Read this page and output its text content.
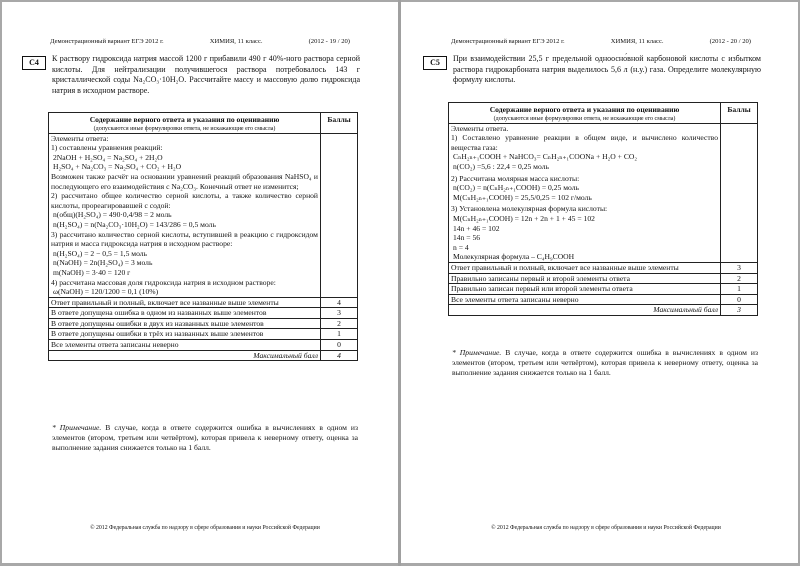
Демонстрационный вариант ЕГЭ 2012 г.	ХИМИЯ, 11 класс.	(2012 - 19 / 20)
C4	К раствору гидроксида натрия массой 1200 г прибавили 490 г 40%-ного раствора серной кислоты. Для нейтрализации получившегося раствора потребовалось 143 г кристаллической соды Na₂CO₃·10H₂O. Рассчитайте массу и массовую долю гидроксида натрия в исходном растворе.
Содержание верного ответа и указания по оцениванию
(допускаются иные формулировки ответа, не искажающие его смысла)	Баллы

Элементы ответа:
1) составлены уравнения реакций:
2NaOH + H₂SO₄ = Na₂SO₄ + 2H₂O
H₂SO₄ + Na₂CO₃ = Na₂SO₄ + CO₂ + H₂O
Возможен также расчёт на основании уравнений реакций образования NaHSO₄ и последующего его взаимодействия с Na₂CO₃. Конечный ответ не изменится;
2) рассчитано общее количество серной кислоты, а также количество серной кислоты, прореагировавшей с содой:
n(общ)(H₂SO₄) = 490·0,4/98 = 2 моль
n(H₂SO₄) = n(Na₂CO₃·10H₂O) = 143/286 = 0,5 моль
3) рассчитано количество серной кислоты, вступившей в реакцию с гидроксидом натрия и масса гидроксида натрия в исходном растворе:
n(H₂SO₄) = 2 − 0,5 = 1,5 моль
n(NaOH) = 2n(H₂SO₄) = 3 моль
m(NaOH) = 3·40 = 120 г
4) рассчитана массовая доля гидроксида натрия в исходном растворе:
ω(NaOH) = 120/1200 = 0,1 (10%)

Ответ правильный и полный, включает все названные выше элементы	4
В ответе допущена ошибка в одном из названных выше элементов	3
В ответе допущены ошибки в двух из названных выше элементов	2
В ответе допущены ошибки в трёх из названных выше элементов	1
Все элементы ответа записаны неверно	0
Максимальный балл	4
* Примечание. В случае, когда в ответе содержится ошибка в вычислениях в одном из элементов (втором, третьем или четвёртом), которая привела к неверному ответу, оценка за выполнение задания снижается только на 1 балл.
© 2012 Федеральная служба по надзору в сфере образования и науки Российской Федерации
Демонстрационный вариант ЕГЭ 2012 г.	ХИМИЯ, 11 класс.	(2012 - 20 / 20)
C5	При взаимодействии 25,5 г предельной одноосно́вной карбоновой кислоты с избытком раствора гидрокарбоната натрия выделилось 5,6 л (н.у.) газа. Определите молекулярную формулу кислоты.
Содержание верного ответа и указания по оцениванию
(допускаются иные формулировки ответа, не искажающие его смысла)	Баллы

Элементы ответа.
1) Составлено уравнение реакции в общем виде, и вычислено количество вещества газа:
CₙH₂ₙ₊₁COOH + NaHCO₃= CₙH₂ₙ₊₁COONa + H₂O + CO₂
n(CO₂) =5,6 : 22,4 = 0,25 моль
2) Рассчитана молярная масса кислоты:
n(CO₂) = n(CₙH₂ₙ₊₁COOH) = 0,25 моль
M(CₙH₂ₙ₊₁COOH) = 25,5/0,25 = 102 г/моль
3) Установлена молекулярная формула кислоты:
M(CₙH₂ₙ₊₁COOH) = 12n + 2n + 1 + 45 = 102
14n + 46 = 102
14n = 56
n = 4
Молекулярная формула – C₄H₉COOH

Ответ правильный и полный, включает все названные выше элементы	3
Правильно записаны первый и второй элементы ответа	2
Правильно записан первый или второй элементы ответа	1
Все элементы ответа записаны неверно	0
Максимальный балл	3
* Примечание. В случае, когда в ответе содержится ошибка в вычислениях в одном из элементов (втором, третьем или четвёртом), которая привела к неверному ответу, оценка за выполнение задания снижается только на 1 балл.
© 2012 Федеральная служба по надзору в сфере образования и науки Российской Федерации
